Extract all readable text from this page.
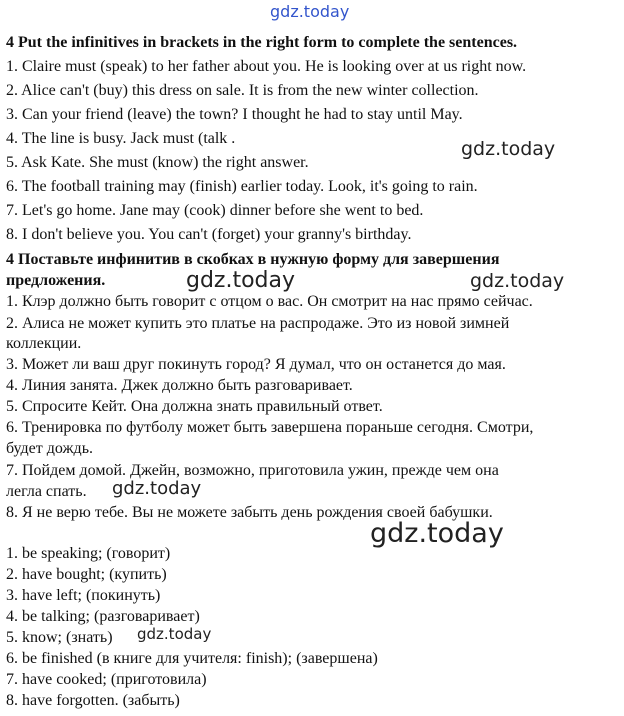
gdz.today
4 Put the infinitives in brackets in the right form to complete the sentences.
1. Claire must (speak) to her father about you. He is looking over at us right now.
2. Alice can't (buy) this dress on sale. It is from the new winter collection.
3. Can your friend (leave) the town? I thought he had to stay until May.
4. The line is busy. Jack must (talk .
5. Ask Kate. She must (know) the right answer.
6. The football training may (finish) earlier today. Look, it's going to rain.
7. Let's go home. Jane may (cook) dinner before she went to bed.
8. I don't believe you. You can't (forget) your granny's birthday.
4 Поставьте инфинитив в скобках в нужную форму для завершения
предложения.
1. Клэр должно быть говорит с отцом о вас. Он смотрит на нас прямо сейчас.
2. Алиса не может купить это платье на распродаже. Это из новой зимней
коллекции.
3. Может ли ваш друг покинуть город? Я думал, что он останется до мая.
4. Линия занята. Джек должно быть разговаривает.
5. Спросите Кейт. Она должна знать правильный ответ.
6. Тренировка по футболу может быть завершена пораньше сегодня. Смотри,
будет дождь.
7. Пойдем домой. Джейн, возможно, приготовила ужин, прежде чем она
легла спать.
8. Я не верю тебе. Вы не можете забыть день рождения своей бабушки.
1. be speaking; (говорит)
2. have bought; (купить)
3. have left; (покинуть)
4. be talking; (разговаривает)
5. know; (знать)
6. be finished (в книге для учителя: finish); (завершена)
7. have cooked; (приготовила)
8. have forgotten. (забыть)
gdz.today
gdz.today	gdz.today
gdz.today
gdz.today
gdz.today
